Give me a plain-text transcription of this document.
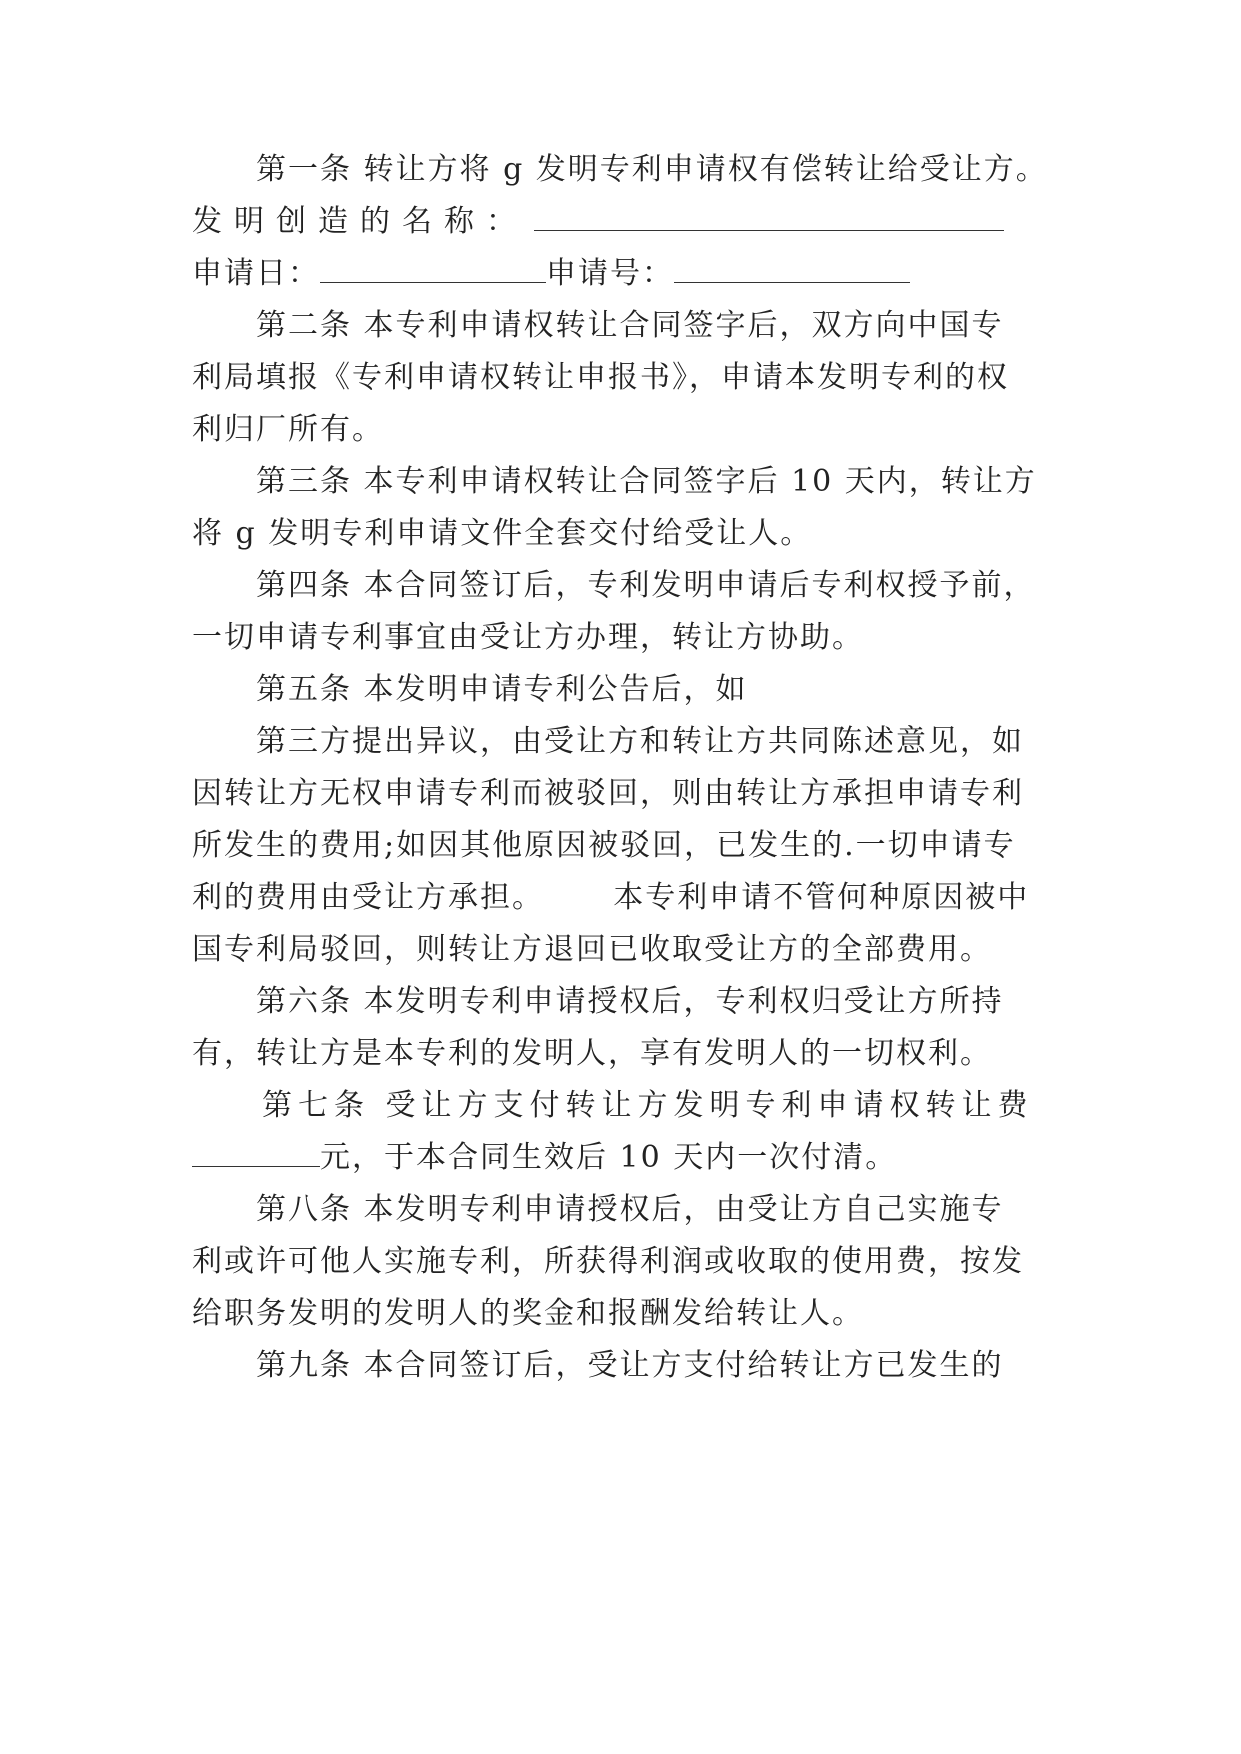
第一条 转让方将 g 发明专利申请权有偿转让给受让方。
发明创造的名称：
申请日：	申请号：
第二条 本专利申请权转让合同签字后，双方向中国专
利局填报《专利申请权转让申报书》，申请本发明专利的权
利归厂所有。
第三条 本专利申请权转让合同签字后 10 天内，转让方
将 g 发明专利申请文件全套交付给受让人。
第四条 本合同签订后，专利发明申请后专利权授予前，
一切申请专利事宜由受让方办理，转让方协助。
第五条 本发明申请专利公告后，如
第三方提出异议，由受让方和转让方共同陈述意见，如
因转让方无权申请专利而被驳回，则由转让方承担申请专利
所发生的费用;如因其他原因被驳回，已发生的.一切申请专
利的费用由受让方承担。      本专利申请不管何种原因被中
国专利局驳回，则转让方退回已收取受让方的全部费用。
第六条 本发明专利申请授权后，专利权归受让方所持
有，转让方是本专利的发明人，享有发明人的一切权利。
第七条 受让方支付转让方发明专利申请权转让费
元，于本合同生效后 10 天内一次付清。
第八条 本发明专利申请授权后，由受让方自己实施专
利或许可他人实施专利，所获得利润或收取的使用费，按发
给职务发明的发明人的奖金和报酬发给转让人。
第九条 本合同签订后，受让方支付给转让方已发生的
